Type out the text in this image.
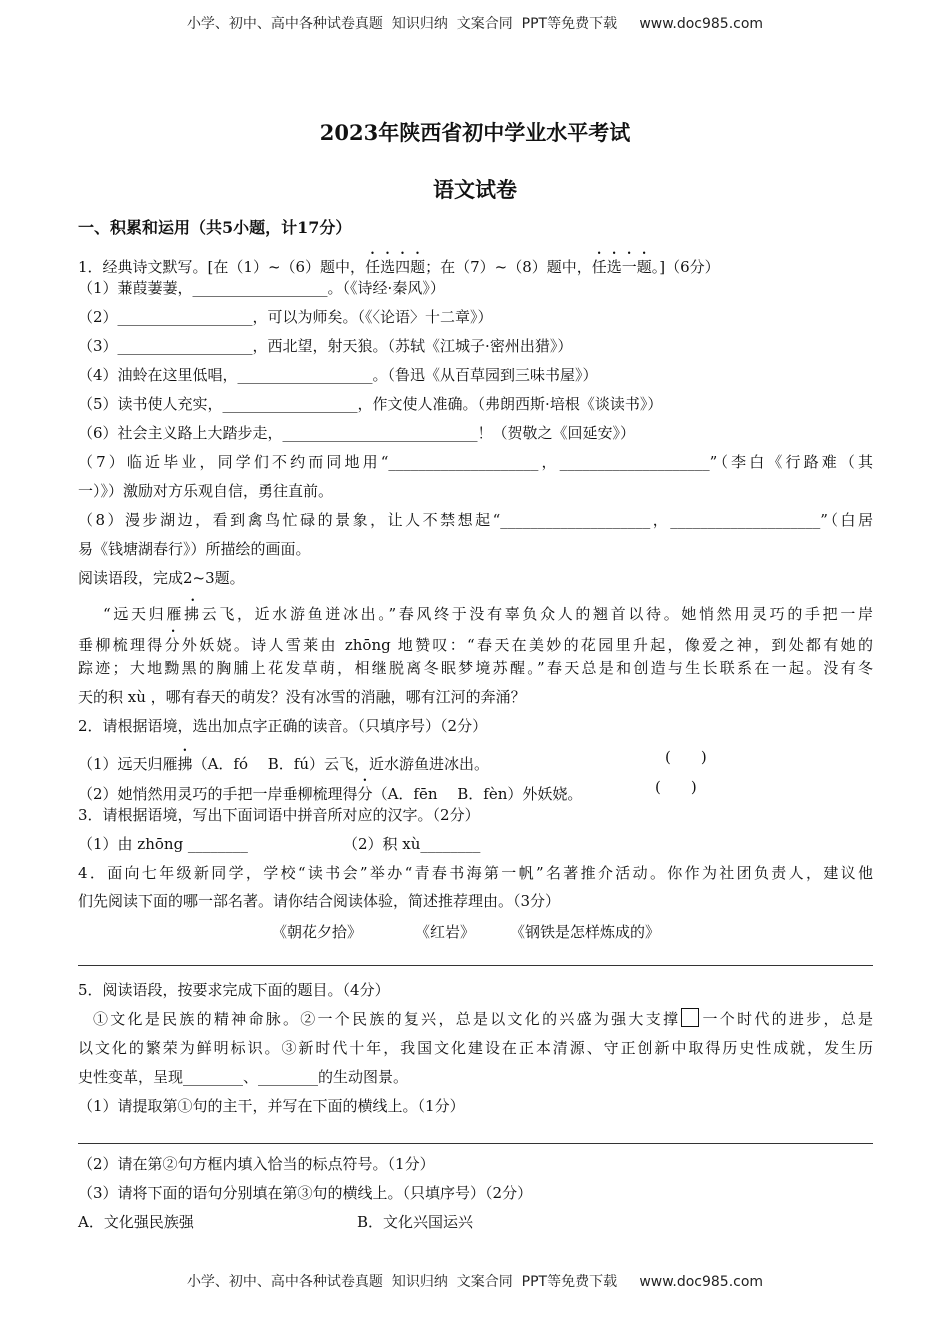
小学、初中、高中各种试卷真题  知识归纳  文案合同  PPT等免费下载     www.doc985.com
2023年陕西省初中学业水平考试
语文试卷
一、积累和运用（共5小题，计17分）
1．经典诗文默写。[在（1）~（6）题中，任选四题；在（7）~（8）题中，任选一题。]（6分）
（1）蒹葭萋萋，__________________。（《诗经·秦风》）
（2）__________________，可以为师矣。（《〈论语〉十二章》）
（3）__________________，西北望，射天狼。（苏轼《江城子·密州出猎》）
（4）油蛉在这里低唱，__________________。（鲁迅《从百草园到三味书屋》）
（5）读书使人充实，__________________，作文使人准确。（弗朗西斯·培根《谈读书》）
（6）社会主义路上大踏步走，__________________________！（贺敬之《回延安》）
（7）临近毕业，同学们不约而同地用“____________________，____________________”（李白《行路难（其
一）》）激励对方乐观自信，勇往直前。
（8）漫步湖边，看到禽鸟忙碌的景象，让人不禁想起“____________________，____________________”（白居
易《钱塘湖春行》）所描绘的画面。
阅读语段，完成2~3题。
“远天归雁拂云飞，近水游鱼迸冰出。”春风终于没有辜负众人的翘首以待。她悄然用灵巧的手把一岸
垂柳梳理得分外妖娆。诗人雪莱由 zhōng 地赞叹：“春天在美妙的花园里升起，像爱之神，到处都有她的
踪迹；大地黝黑的胸脯上花发草萌，相继脱离冬眠梦境苏醒。”春天总是和创造与生长联系在一起。没有冬
天的积 xù ，哪有春天的萌发？没有冰雪的消融，哪有江河的奔涌？
2．请根据语境，选出加点字正确的读音。（只填序号）（2分）
（1）远天归雁拂（A．fó　 B．fú）云飞，近水游鱼进冰出。	(　　)
（2）她悄然用灵巧的手把一岸垂柳梳理得分（A．fēn　 B．fèn）外妖娆。	(　　)
3．请根据语境，写出下面词语中拼音所对应的汉字。（2分）
（1）由 zhōng ________	（2）积 xù________
4．面向七年级新同学，学校“读书会”举办“青春书海第一帆”名著推介活动。你作为社团负责人，建议他
们先阅读下面的哪一部名著。请你结合阅读体验，简述推荐理由。（3分）
《朝花夕拾》	《红岩》 《钢铁是怎样炼成的》
5．阅读语段，按要求完成下面的题目。（4分）
①文化是民族的精神命脉。②一个民族的复兴，总是以文化的兴盛为强大支撑 一个时代的进步，总是
以文化的繁荣为鲜明标识。③新时代十年，我国文化建设在正本清源、守正创新中取得历史性成就，发生历
史性变革，呈现________、________的生动图景。
（1）请提取第①句的主干，并写在下面的横线上。（1分）
（2）请在第②句方框内填入恰当的标点符号。（1分）
（3）请将下面的语句分别填在第③句的横线上。（只填序号）（2分）
A．文化强民族强	B．文化兴国运兴
小学、初中、高中各种试卷真题  知识归纳  文案合同  PPT等免费下载     www.doc985.com
